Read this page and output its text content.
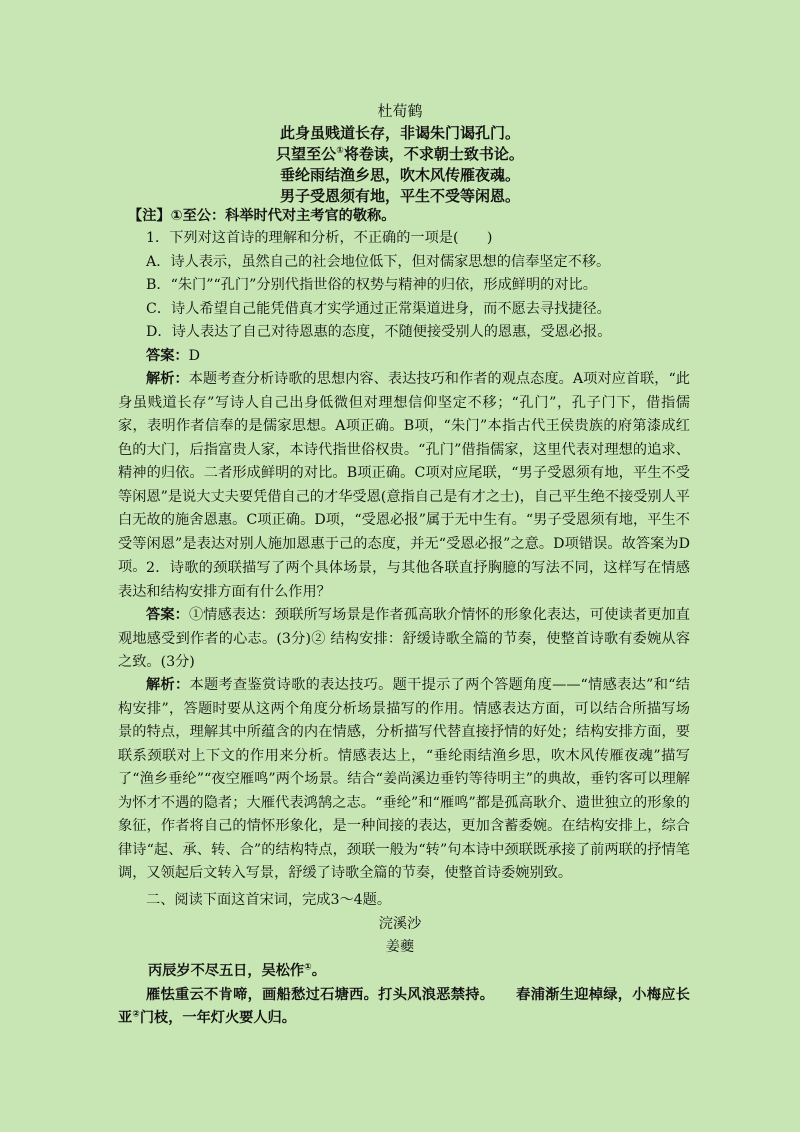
杜荀鹤
此身虽贱道长存，非谒朱门谒孔门。
只望至公①将卷读，不求朝士致书论。
垂纶雨结渔乡思，吹木风传雁夜魂。
男子受恩须有地，平生不受等闲恩。
【注】①至公：科举时代对主考官的敬称。
1．下列对这首诗的理解和分析，不正确的一项是(　　)
A．诗人表示，虽然自己的社会地位低下，但对儒家思想的信奉坚定不移。
B．“朱门”“孔门”分别代指世俗的权势与精神的归依，形成鲜明的对比。
C．诗人希望自己能凭借真才实学通过正常渠道进身，而不愿去寻找捷径。
D．诗人表达了自己对待恩惠的态度，不随便接受别人的恩惠，受恩必报。
答案：D
解析：本题考查分析诗歌的思想内容、表达技巧和作者的观点态度。A项对应首联，“此身虽贱道长存”写诗人自己出身低微但对理想信仰坚定不移；“孔门”，孔子门下，借指儒家，表明作者信奉的是儒家思想。A项正确。B项，“朱门”本指古代王侯贵族的府第漆成红色的大门，后指富贵人家，本诗代指世俗权贵。“孔门”借指儒家，这里代表对理想的追求、精神的归依。二者形成鲜明的对比。B项正确。C项对应尾联，“男子受恩须有地，平生不受等闲恩”是说大丈夫要凭借自己的才华受恩(意指自己是有才之士)，自己平生绝不接受别人平白无故的施舍恩惠。C项正确。D项，“受恩必报”属于无中生有。“男子受恩须有地，平生不受等闲恩”是表达对别人施加恩惠于己的态度，并无“受恩必报”之意。D项错误。故答案为D项。 2．诗歌的颈联描写了两个具体场景，与其他各联直抒胸臆的写法不同，这样写在情感表达和结构安排方面有什么作用？
答案：①情感表达：颈联所写场景是作者孤高耿介情怀的形象化表达，可使读者更加直观地感受到作者的心志。(3分)② 结构安排：舒缓诗歌全篇的节奏，使整首诗歌有委婉从容之致。(3分)
解析：本题考查鉴赏诗歌的表达技巧。题干提示了两个答题角度——“情感表达”和“结构安排”，答题时要从这两个角度分析场景描写的作用。情感表达方面，可以结合所描写场景的特点，理解其中所蕴含的内在情感，分析描写代替直接抒情的好处；结构安排方面，要联系颈联对上下文的作用来分析。情感表达上，“垂纶雨结渔乡思，吹木风传雁夜魂”描写了“渔乡垂纶”“夜空雁鸣”两个场景。结合“姜尚溪边垂钓等待明主”的典故，垂钓客可以理解为怀才不遇的隐者；大雁代表鸿鹄之志。“垂纶”和“雁鸣”都是孤高耿介、遗世独立的形象的象征，作者将自己的情怀形象化，是一种间接的表达，更加含蓄委婉。在结构安排上，综合律诗“起、承、转、合”的结构特点，颈联一般为“转”句本诗中颈联既承接了前两联的抒情笔调，又领起后文转入写景，舒缓了诗歌全篇的节奏，使整首诗委婉别致。
二、阅读下面这首宋词，完成3～4题。
浣溪沙
姜夔
丙辰岁不尽五日，吴松作①。
雁怯重云不肯啼，画船愁过石塘西。打头风浪恶禁持。　　春浦渐生迎棹绿，小梅应长亚②门枝，一年灯火要人归。
